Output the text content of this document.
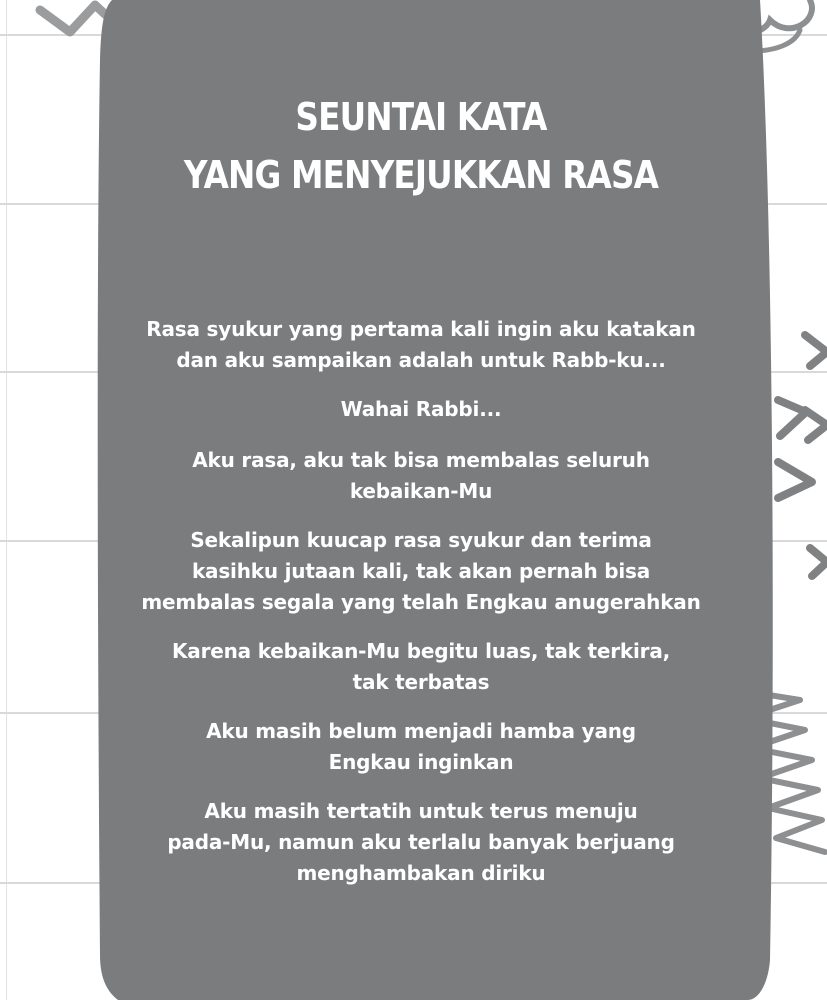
SEUNTAI KATA
YANG MENYEJUKKAN RASA
Rasa syukur yang pertama kali ingin aku katakan
dan aku sampaikan adalah untuk Rabb-ku...
Wahai Rabbi...
Aku rasa, aku tak bisa membalas seluruh
kebaikan-Mu
Sekalipun kuucap rasa syukur dan terima
kasihku jutaan kali, tak akan pernah bisa
membalas segala yang telah Engkau anugerahkan
Karena kebaikan-Mu begitu luas, tak terkira,
tak terbatas
Aku masih belum menjadi hamba yang
Engkau inginkan
Aku masih tertatih untuk terus menuju
pada-Mu, namun aku terlalu banyak berjuang
menghambakan diriku
